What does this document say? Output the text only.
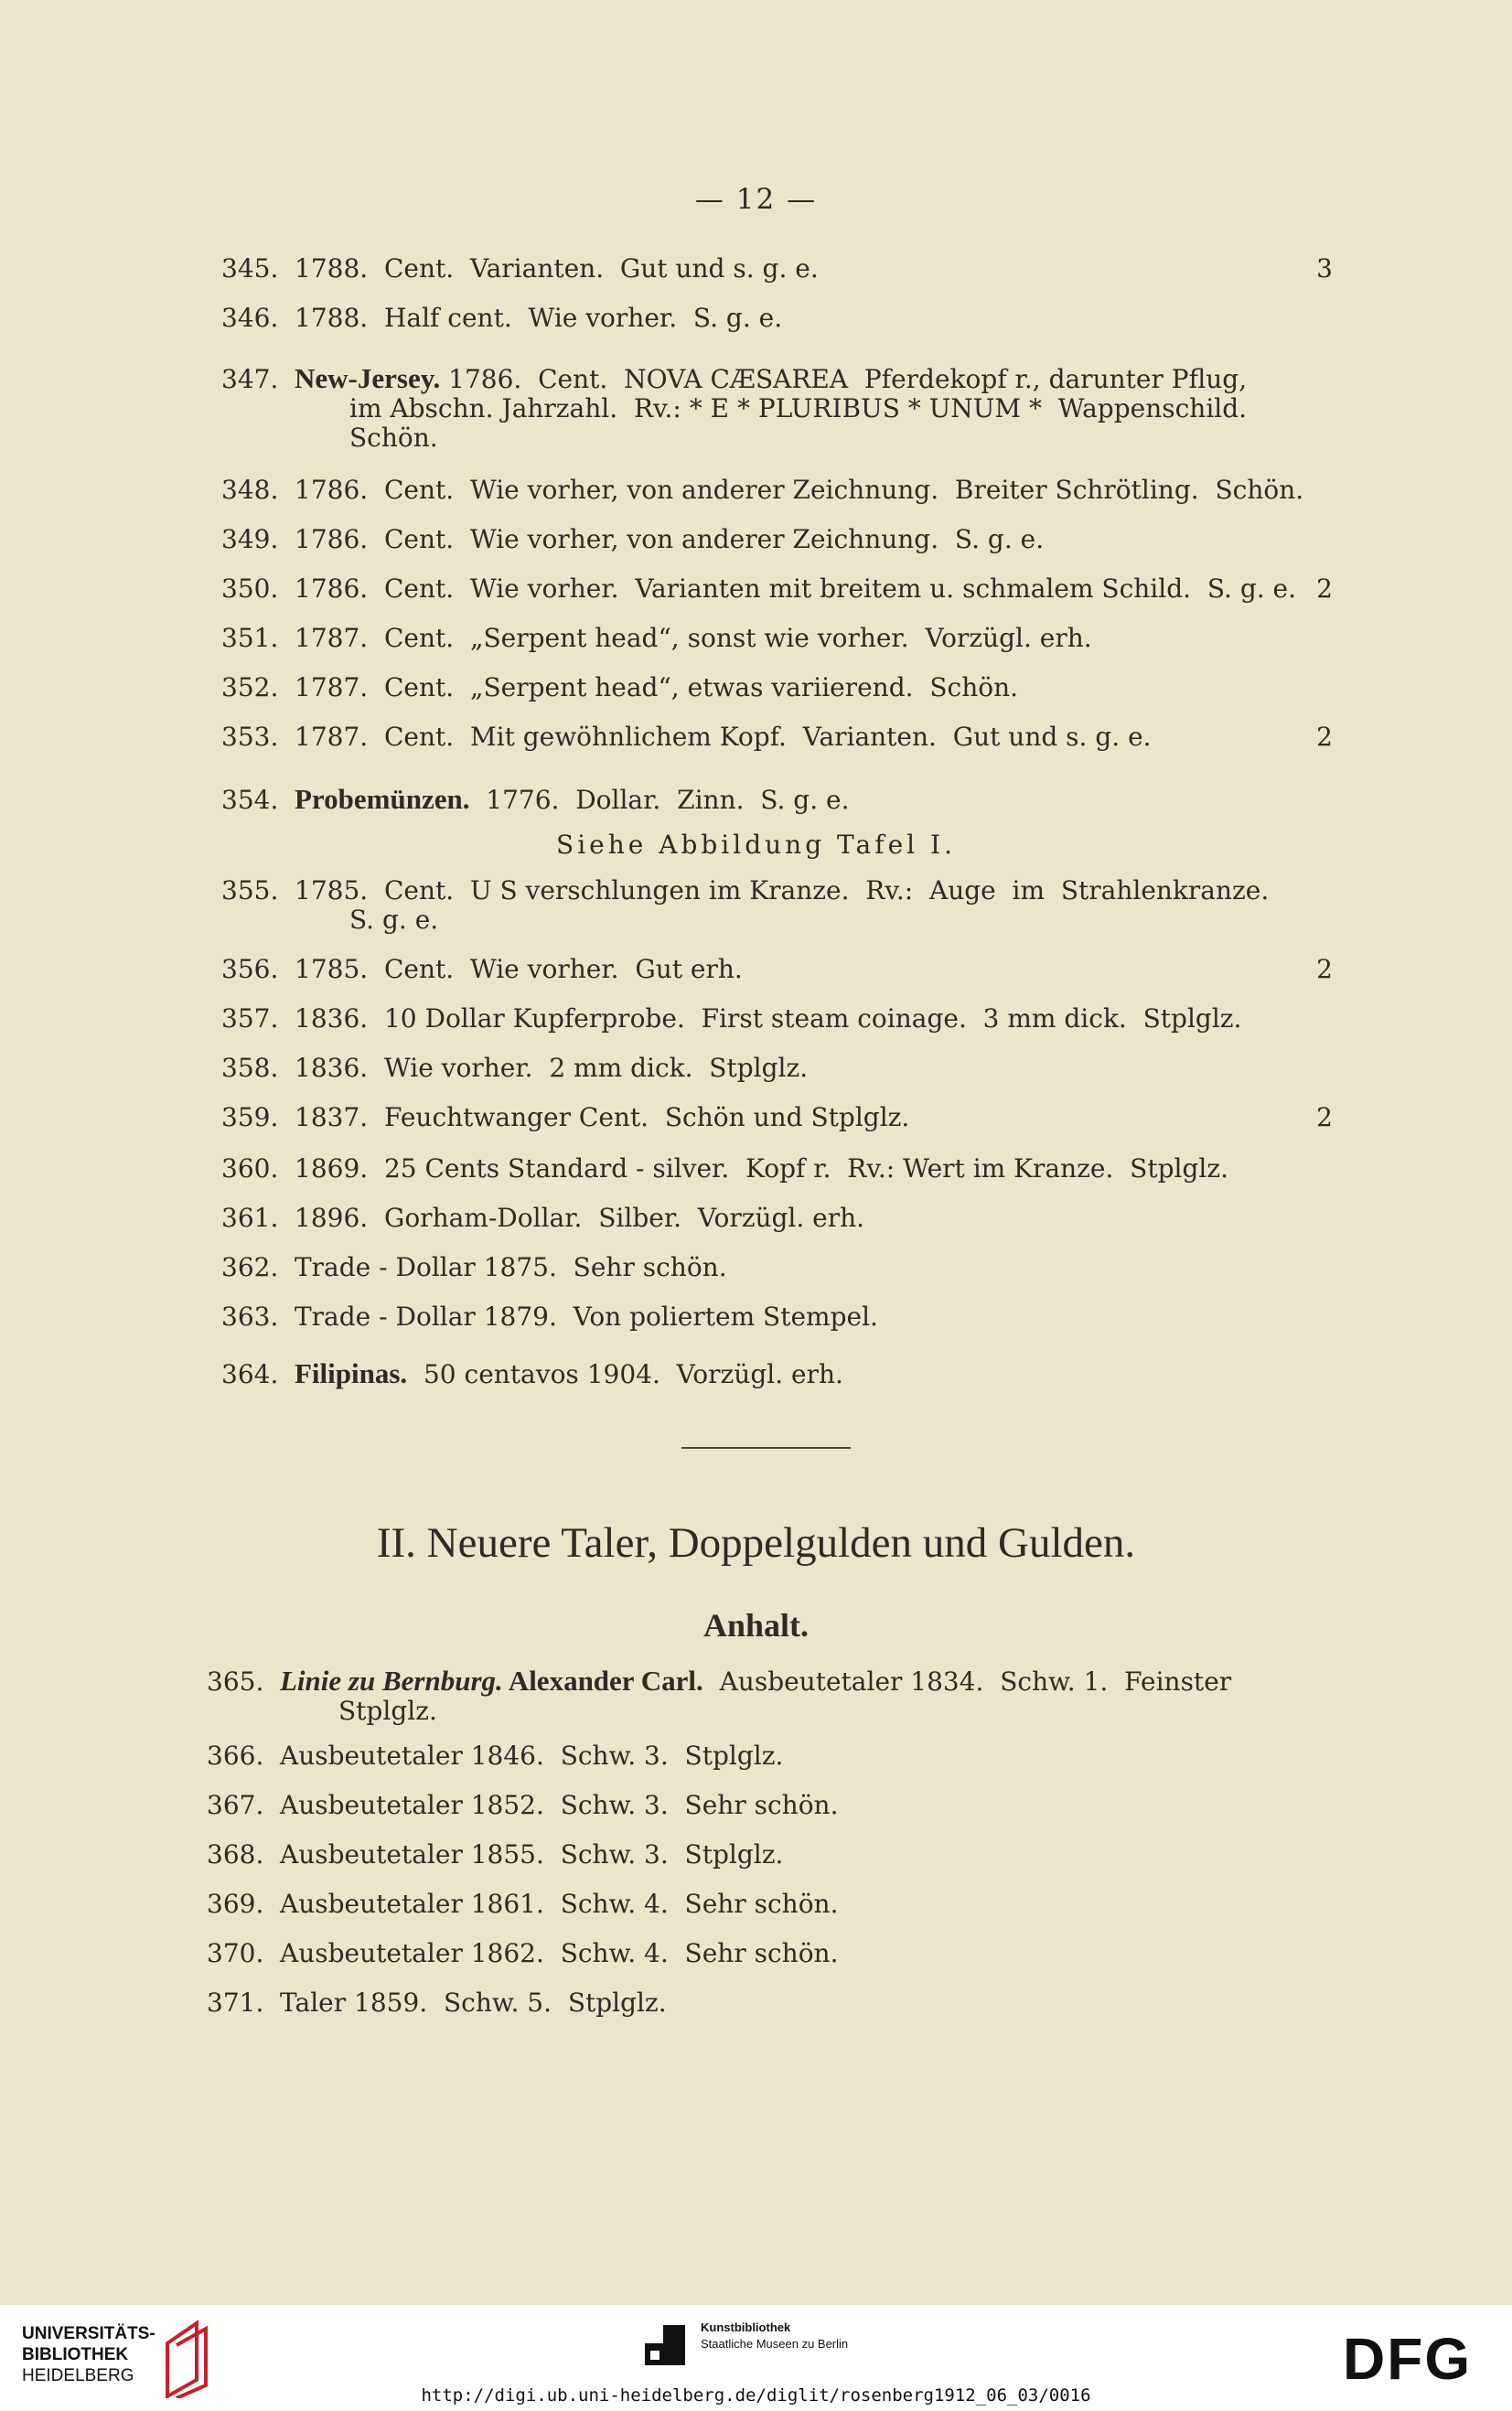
— 12 —
345. 1788.  Cent.  Varianten.  Gut und s. g. e.	3
346. 1788.  Half cent.  Wie vorher.  S. g. e.
347. New-Jersey. 1786.  Cent.  NOVA CÆSAREA  Pferdekopf r., darunter Pflug,
im Abschn. Jahrzahl.  Rv.: * E * PLURIBUS * UNUM *  Wappenschild.
Schön.
348. 1786.  Cent.  Wie vorher, von anderer Zeichnung.  Breiter Schrötling.  Schön.
349. 1786.  Cent.  Wie vorher, von anderer Zeichnung.  S. g. e.
350. 1786.  Cent.  Wie vorher.  Varianten mit breitem u. schmalem Schild.  S. g. e. 2
351. 1787.  Cent.  „Serpent head“, sonst wie vorher.  Vorzügl. erh.
352. 1787.  Cent.  „Serpent head“, etwas variierend.  Schön.
353. 1787.  Cent.  Mit gewöhnlichem Kopf.  Varianten.  Gut und s. g. e.	2
354. Probemünzen.  1776.  Dollar.  Zinn.  S. g. e.
355. 1785.  Cent.  U S verschlungen im Kranze.  Rv.:  Auge  im  Strahlenkranze.
S. g. e.
356. 1785.  Cent.  Wie vorher.  Gut erh.	2
357. 1836.  10 Dollar Kupferprobe.  First steam coinage.  3 mm dick.  Stplglz.
358. 1836.  Wie vorher.  2 mm dick.  Stplglz.
359. 1837.  Feuchtwanger Cent.  Schön und Stplglz.	2
360. 1869.  25 Cents Standard - silver.  Kopf r.  Rv.: Wert im Kranze.  Stplglz.
361. 1896.  Gorham-Dollar.  Silber.  Vorzügl. erh.
362. Trade - Dollar 1875.  Sehr schön.
363. Trade - Dollar 1879.  Von poliertem Stempel.
364. Filipinas.  50 centavos 1904.  Vorzügl. erh.
365. Linie zu Bernburg. Alexander Carl.  Ausbeutetaler 1834.  Schw. 1.  Feinster
Stplglz.
366. Ausbeutetaler 1846.  Schw. 3.  Stplglz.
367. Ausbeutetaler 1852.  Schw. 3.  Sehr schön.
368. Ausbeutetaler 1855.  Schw. 3.  Stplglz.
369. Ausbeutetaler 1861.  Schw. 4.  Sehr schön.
370. Ausbeutetaler 1862.  Schw. 4.  Sehr schön.
371. Taler 1859.  Schw. 5.  Stplglz.
Siehe Abbildung Tafel I.
II. Neuere Taler, Doppelgulden und Gulden.
Anhalt.
UNIVERSITÄTS-
BIBLIOTHEK
HEIDELBERG
Kunstbibliothek
Staatliche Museen zu Berlin	DFG
http://digi.ub.uni-heidelberg.de/diglit/rosenberg1912_06_03/0016
